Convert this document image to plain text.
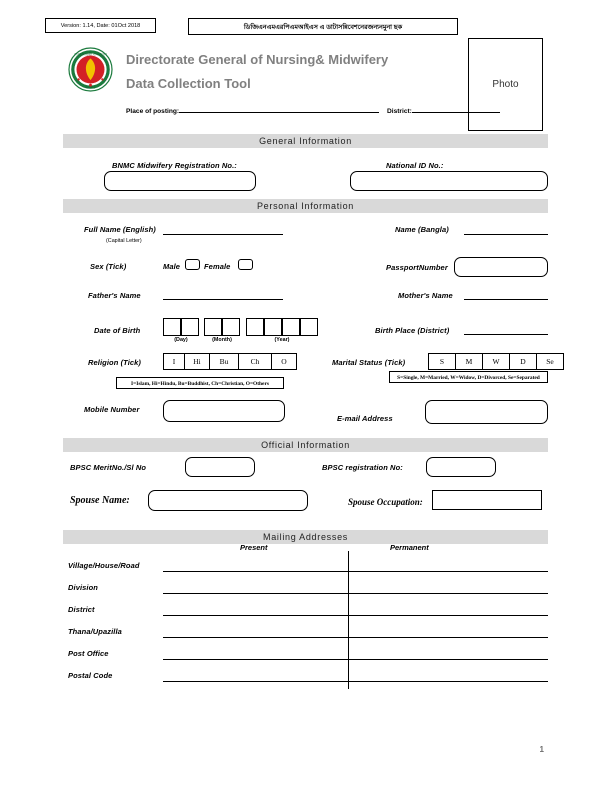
Version: 1.14, Date: 01Oct 2018	ডিজিএনএমএরপিএমআইএস এ ডাটাসন্নিবেশনেরজন্যনমুনা ছক
Photo
গণপ্রজাতন্ত্রী বাংলাদেশ
সরকার
Directorate General of Nursing& Midwifery
Data Collection Tool
Place of posting:	District:
General Information
BNMC Midwifery Registration No.:	National ID No.:
Personal Information
Full Name (English)
(Capital Letter)
Name (Bangla)
Sex (Tick)	Male	Female	PassportNumber
Father's Name	Mother's Name
Date of Birth
(Day)	(Month)	(Year)
Birth Place (District)
Religion (Tick)	I	Hi	Bu	Ch	O
I=Islam, Hi=Hindu, Bu=Buddhist, Ch=Christian, O=Others
Marital Status (Tick)	S	M	W	D	Se
S=Single, M=Married, W=Widow, D=Divorced, Se=Separated
Mobile Number
E-mail Address
Official Information
BPSC MeritNo./Sl No	BPSC registration No:
Spouse Name:	Spouse Occupation:
Mailing Addresses
Present	Permanent
Village/House/Road
Division
District
Thana/Upazilla
Post Office
Postal Code
1
